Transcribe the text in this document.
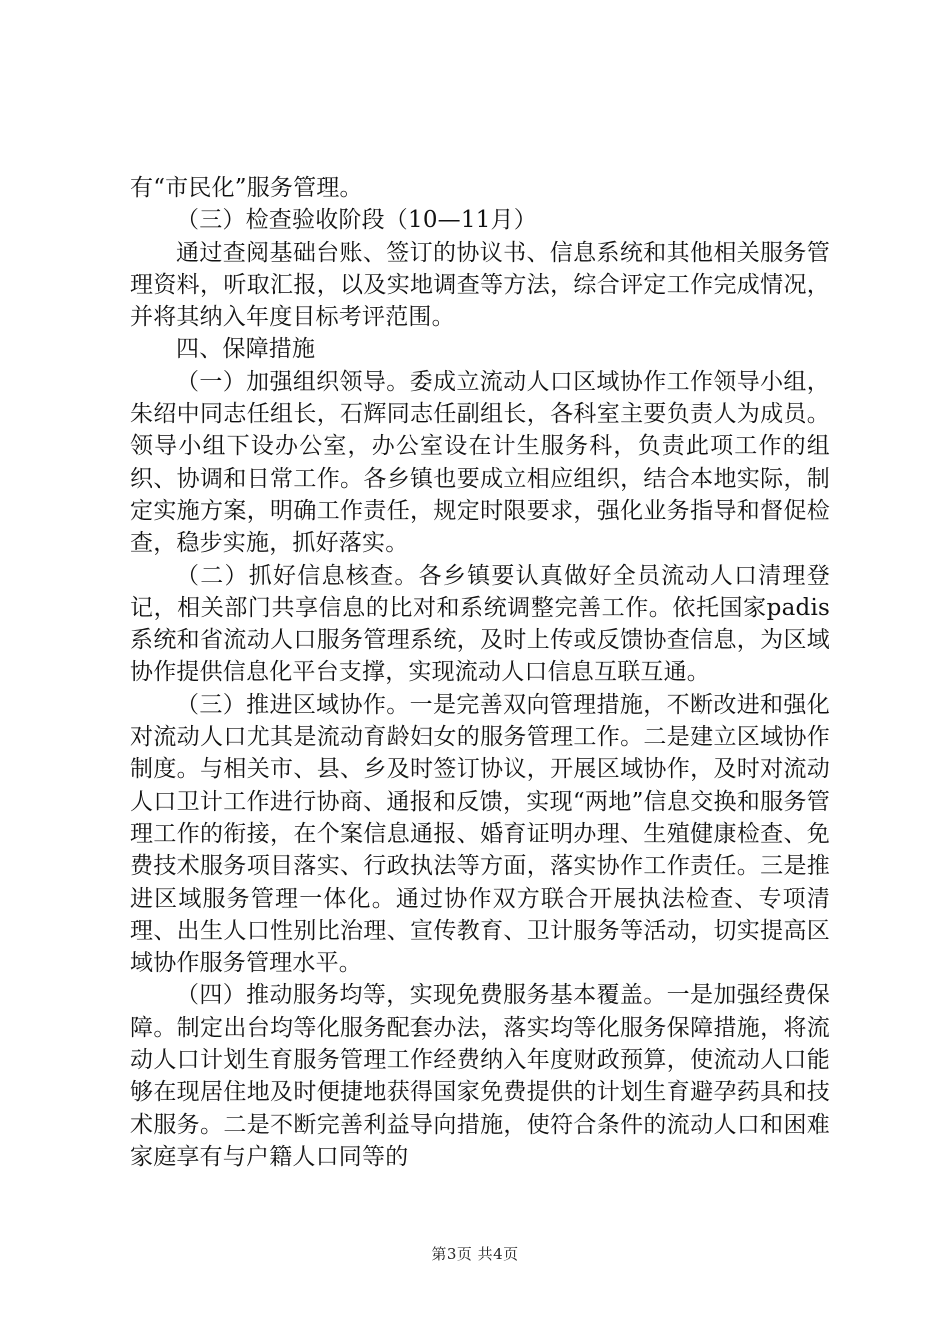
有“市民化”服务管理。

（三）检查验收阶段（10—11月）

通过查阅基础台账、签订的协议书、信息系统和其他相关服务管理资料，听取汇报，以及实地调查等方法，综合评定工作完成情况，并将其纳入年度目标考评范围。

四、保障措施

（一）加强组织领导。委成立流动人口区域协作工作领导小组，朱绍中同志任组长，石辉同志任副组长，各科室主要负责人为成员。领导小组下设办公室，办公室设在计生服务科，负责此项工作的组织、协调和日常工作。各乡镇也要成立相应组织，结合本地实际，制定实施方案，明确工作责任，规定时限要求，强化业务指导和督促检查，稳步实施，抓好落实。

（二）抓好信息核查。各乡镇要认真做好全员流动人口清理登记，相关部门共享信息的比对和系统调整完善工作。依托国家padis系统和省流动人口服务管理系统，及时上传或反馈协查信息，为区域协作提供信息化平台支撑，实现流动人口信息互联互通。

（三）推进区域协作。一是完善双向管理措施，不断改进和强化对流动人口尤其是流动育龄妇女的服务管理工作。二是建立区域协作制度。与相关市、县、乡及时签订协议，开展区域协作，及时对流动人口卫计工作进行协商、通报和反馈，实现“两地”信息交换和服务管理工作的衔接，在个案信息通报、婚育证明办理、生殖健康检查、免费技术服务项目落实、行政执法等方面，落实协作工作责任。三是推进区域服务管理一体化。通过协作双方联合开展执法检查、专项清理、出生人口性别比治理、宣传教育、卫计服务等活动，切实提高区域协作服务管理水平。

（四）推动服务均等，实现免费服务基本覆盖。一是加强经费保障。制定出台均等化服务配套办法，落实均等化服务保障措施，将流动人口计划生育服务管理工作经费纳入年度财政预算，使流动人口能够在现居住地及时便捷地获得国家免费提供的计划生育避孕药具和技术服务。二是不断完善利益导向措施，使符合条件的流动人口和困难家庭享有与户籍人口同等的

第3页 共4页
